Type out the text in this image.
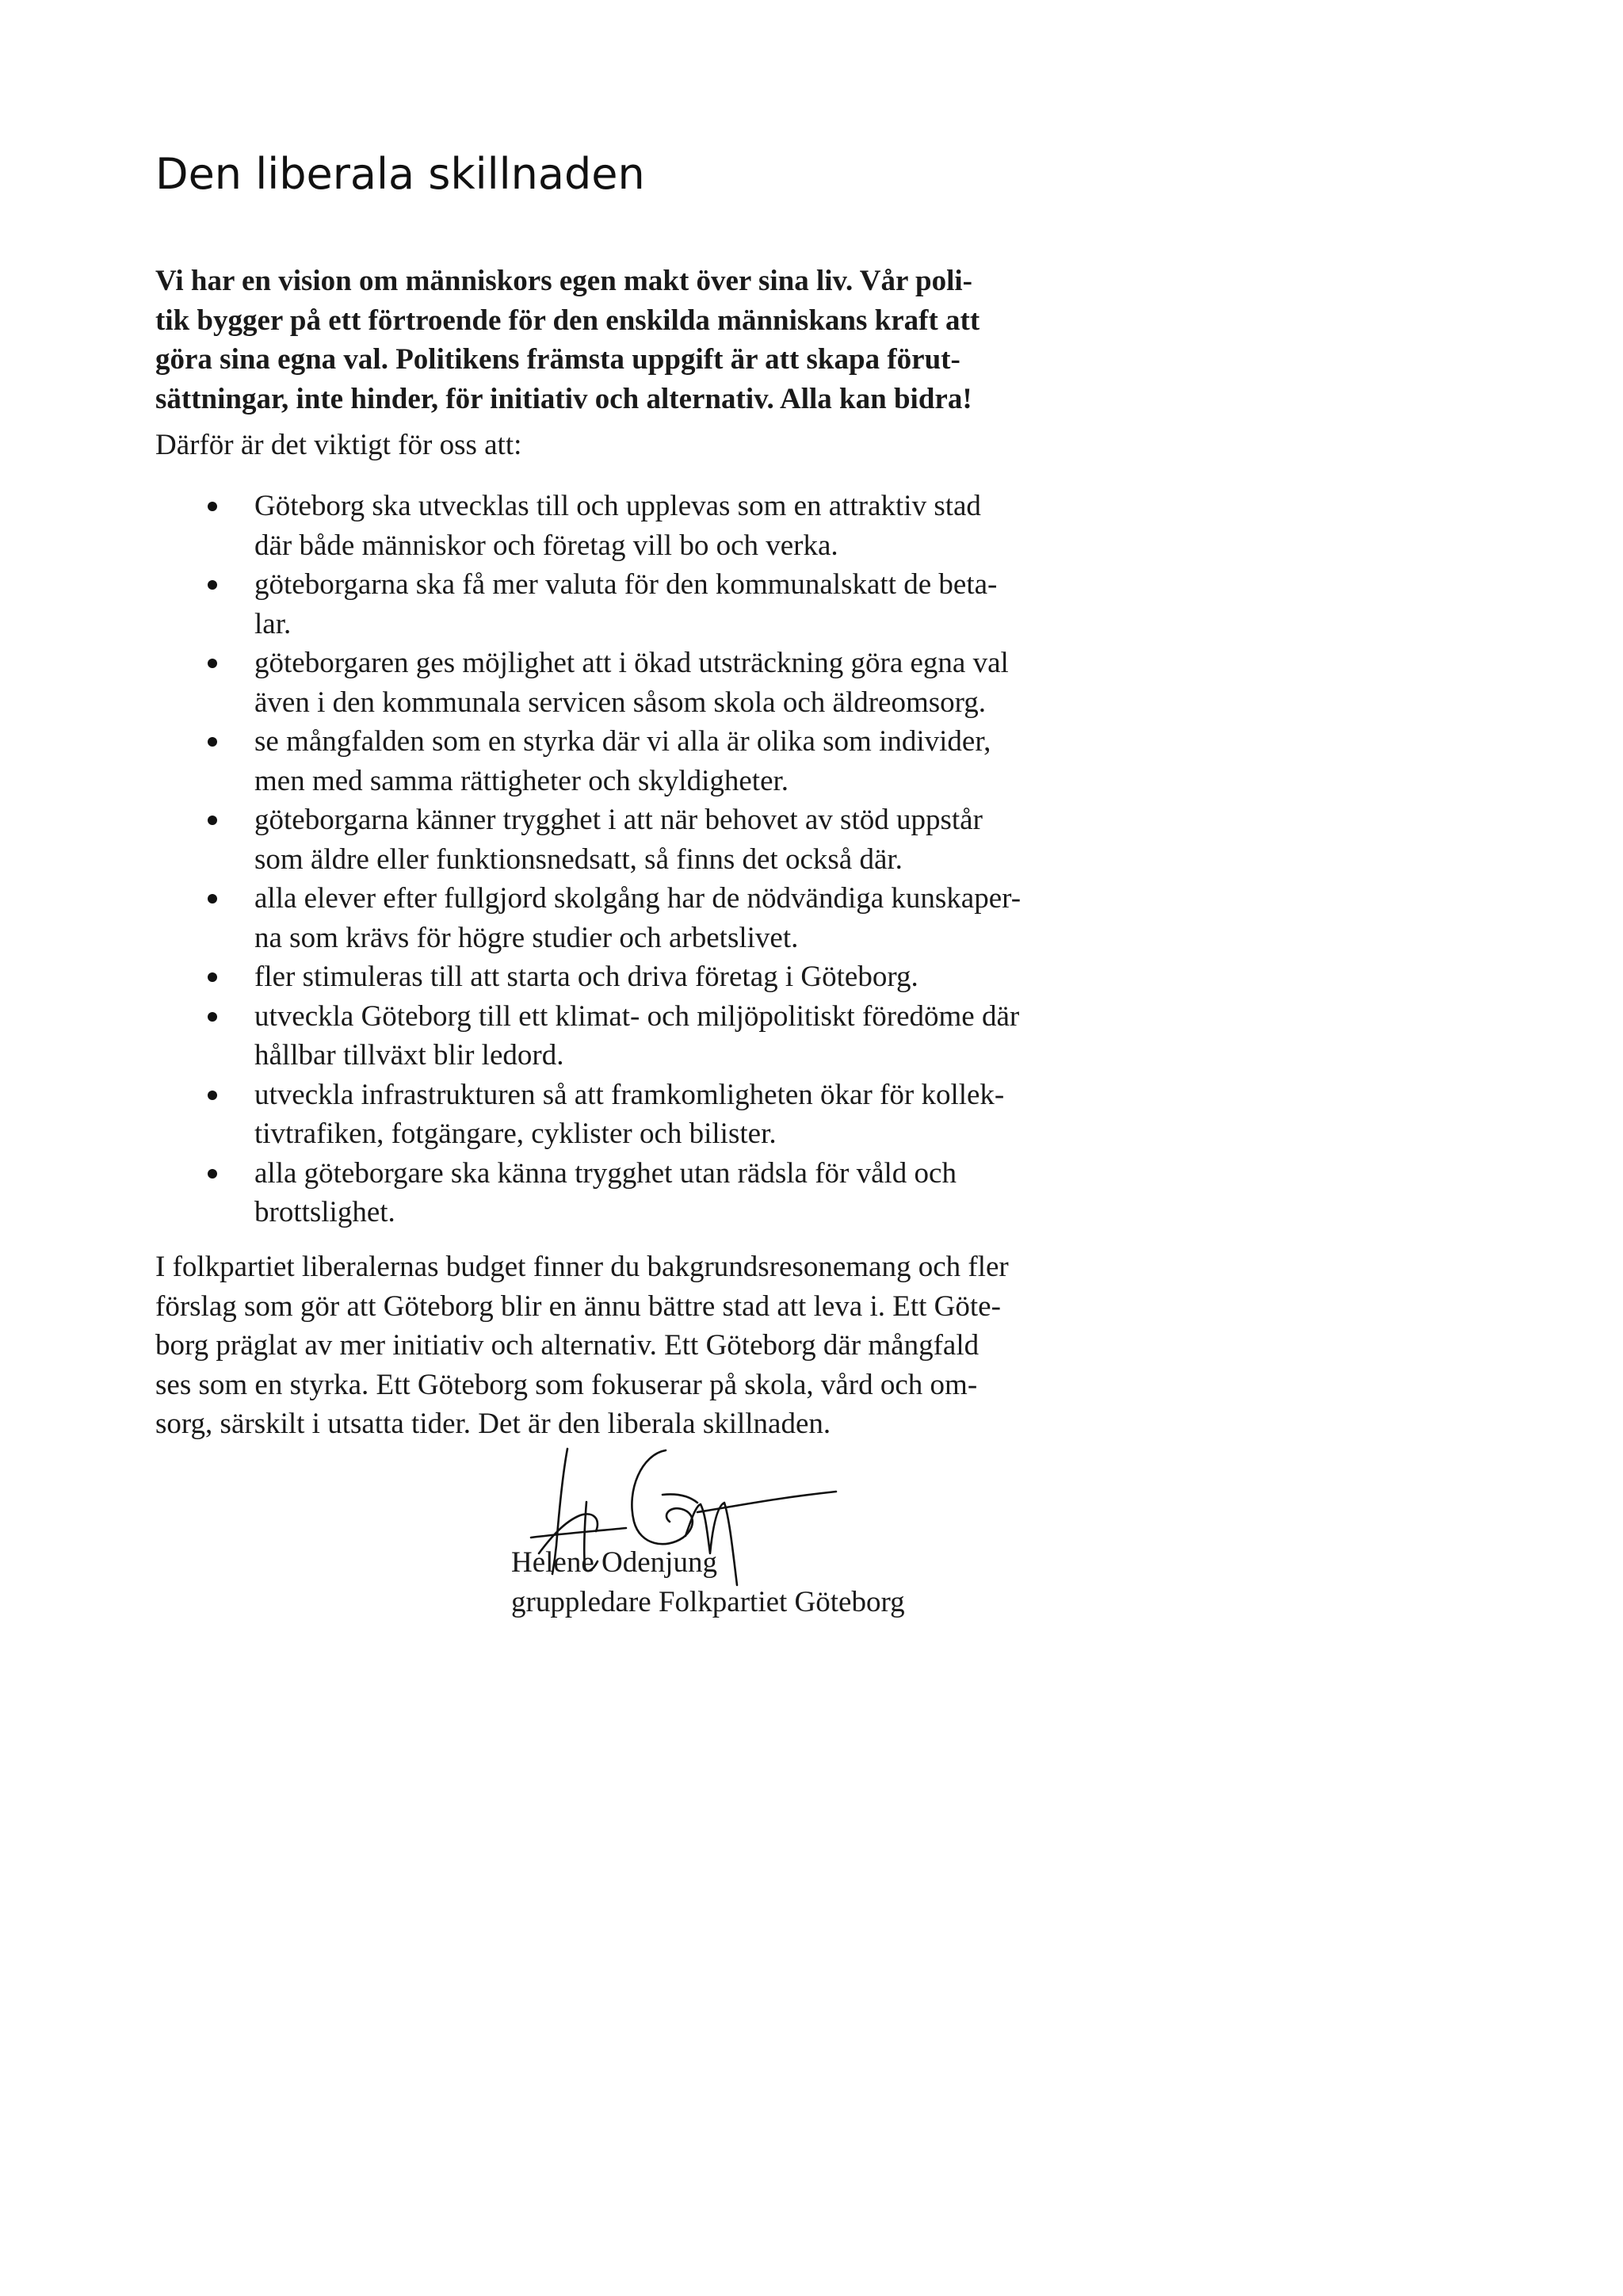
Den liberala skillnaden

Vi har en vision om människors egen makt över sina liv. Vår poli-
tik bygger på ett förtroende för den enskilda människans kraft att
göra sina egna val. Politikens främsta uppgift är att skapa förut-
sättningar, inte hinder, för initiativ och alternativ. Alla kan bidra!

Därför är det viktigt för oss att:

Göteborg ska utvecklas till och upplevas som en attraktiv stad
där både människor och företag vill bo och verka.
göteborgarna ska få mer valuta för den kommunalskatt de beta-
lar.
göteborgaren ges möjlighet att i ökad utsträckning göra egna val
även i den kommunala servicen såsom skola och äldreomsorg.
se mångfalden som en styrka där vi alla är olika som individer,
men med samma rättigheter och skyldigheter.
göteborgarna känner trygghet i att när behovet av stöd uppstår
som äldre eller funktionsnedsatt, så finns det också där.
alla elever efter fullgjord skolgång har de nödvändiga kunskaper-
na som krävs för högre studier och arbetslivet.
fler stimuleras till att starta och driva företag i Göteborg.
utveckla Göteborg till ett klimat- och miljöpolitiskt föredöme där
hållbar tillväxt blir ledord.
utveckla infrastrukturen så att framkomligheten ökar för kollek-
tivtrafiken, fotgängare, cyklister och bilister.
alla göteborgare ska känna trygghet utan rädsla för våld och
brottslighet.

I folkpartiet liberalernas budget finner du bakgrundsresonemang och fler
förslag som gör att Göteborg blir en ännu bättre stad att leva i. Ett Göte-
borg präglat av mer initiativ och alternativ. Ett Göteborg där mångfald
ses som en styrka. Ett Göteborg som fokuserar på skola, vård och om-
sorg, särskilt i utsatta tider. Det är den liberala skillnaden.

Helene Odenjung
gruppledare Folkpartiet Göteborg
